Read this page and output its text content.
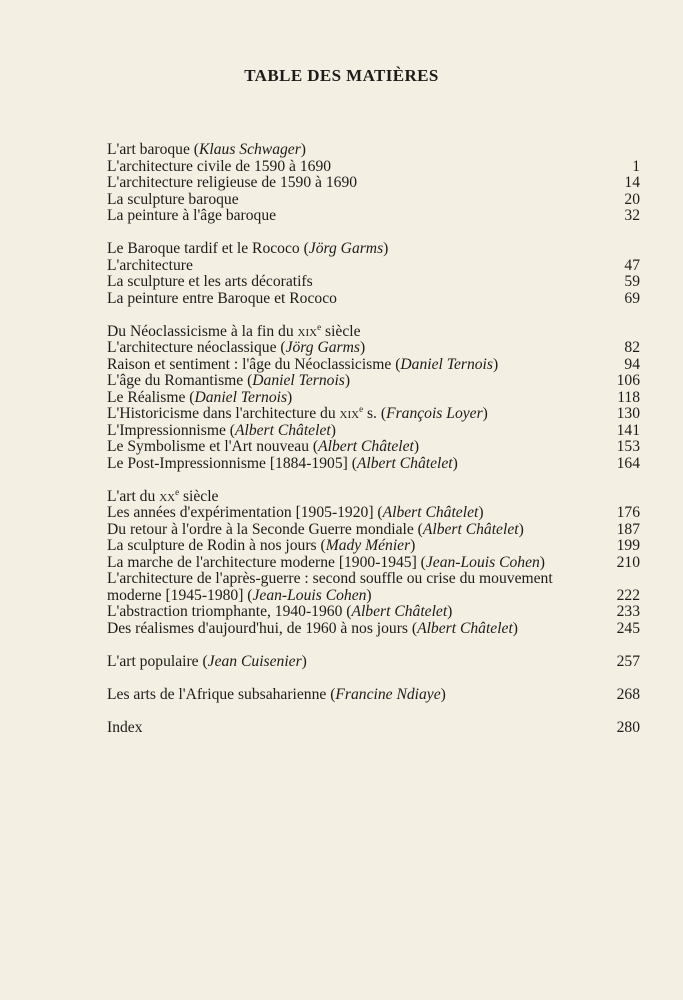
TABLE DES MATIÈRES
L'art baroque (Klaus Schwager)
L'architecture civile de 1590 à 1690	1
L'architecture religieuse de 1590 à 1690	14
La sculpture baroque	20
La peinture à l'âge baroque	32
Le Baroque tardif et le Rococo (Jörg Garms)
L'architecture	47
La sculpture et les arts décoratifs	59
La peinture entre Baroque et Rococo	69
Du Néoclassicisme à la fin du xix$^e$ siècle
L'architecture néoclassique (Jörg Garms)	82
Raison et sentiment : l'âge du Néoclassicisme (Daniel Ternois)	94
L'âge du Romantisme (Daniel Ternois)	106
Le Réalisme (Daniel Ternois)	118
L'Historicisme dans l'architecture du xix$^e$ s. (François Loyer)	130
L'Impressionnisme (Albert Châtelet)	141
Le Symbolisme et l'Art nouveau (Albert Châtelet)	153
Le Post-Impressionnisme [1884-1905] (Albert Châtelet)	164
L'art du $xx^e$ siècle
Les années d'expérimentation [1905-1920] (Albert Châtelet)	176
Du retour à l'ordre à la Seconde Guerre mondiale (Albert Châtelet)	187
La sculpture de Rodin à nos jours (Mady Ménier)	199
La marche de l'architecture moderne [1900-1945] (Jean-Louis Cohen)	210
L'architecture de l'après-guerre : second souffle ou crise du mouvement moderne [1945-1980] (Jean-Louis Cohen)	222
L'abstraction triomphante, 1940-1960 (Albert Châtelet)	233
Des réalismes d'aujourd'hui, de 1960 à nos jours (Albert Châtelet)	245
L'art populaire (Jean Cuisenier)	257
Les arts de l'Afrique subsaharienne (Francine Ndiaye)	268
Index	280
